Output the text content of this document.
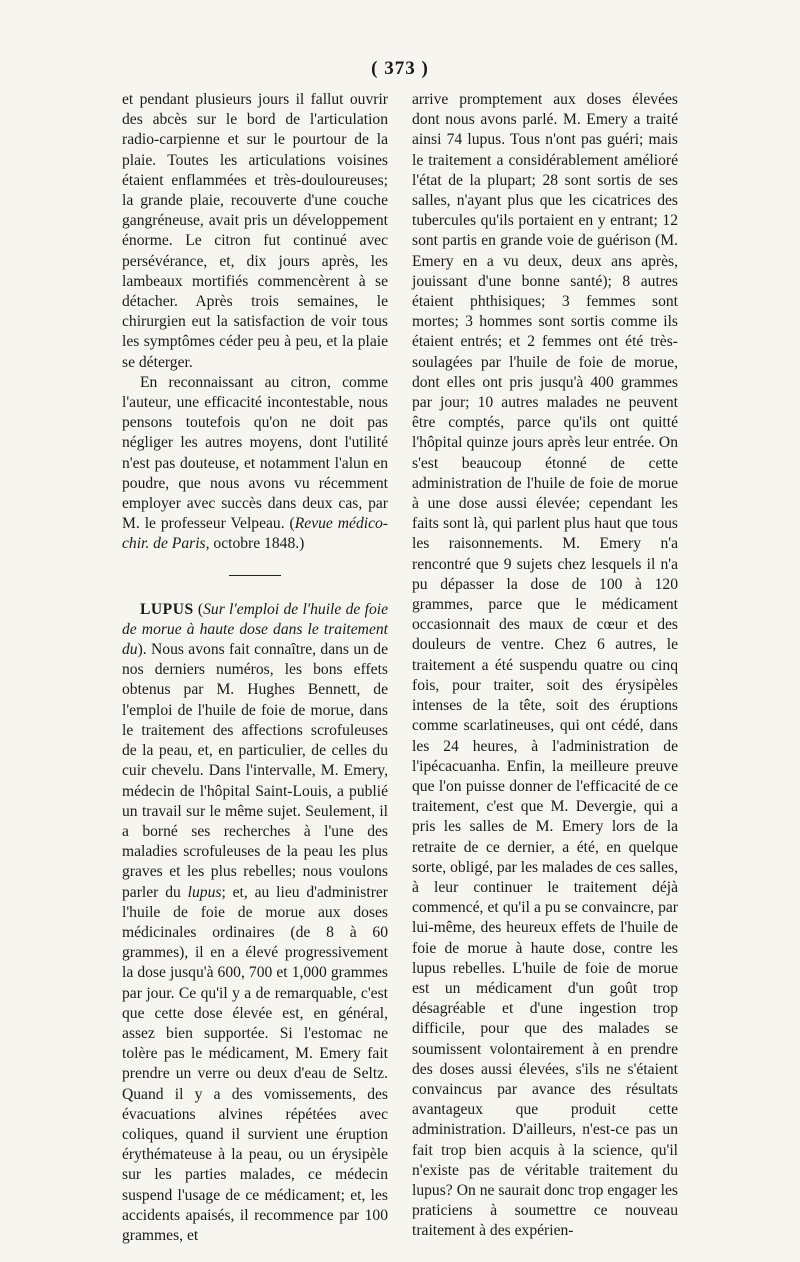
( 373 )

et pendant plusieurs jours il fallut ouvrir des abcès sur le bord de l'articulation radio-carpienne et sur le pourtour de la plaie. Toutes les articulations voisines étaient enflammées et très-douloureuses; la grande plaie, recouverte d'une couche gangréneuse, avait pris un développement énorme. Le citron fut continué avec persévérance, et, dix jours après, les lambeaux mortifiés commencèrent à se détacher. Après trois semaines, le chirurgien eut la satisfaction de voir tous les symptômes céder peu à peu, et la plaie se déterger.

En reconnaissant au citron, comme l'auteur, une efficacité incontestable, nous pensons toutefois qu'on ne doit pas négliger les autres moyens, dont l'utilité n'est pas douteuse, et notamment l'alun en poudre, que nous avons vu récemment employer avec succès dans deux cas, par M. le professeur Velpeau. (Revue médico-chir. de Paris, octobre 1848.)

LUPUS (Sur l'emploi de l'huile de foie de morue à haute dose dans le traitement du). Nous avons fait connaître, dans un de nos derniers numéros, les bons effets obtenus par M. Hughes Bennett, de l'emploi de l'huile de foie de morue, dans le traitement des affections scrofuleuses de la peau, et, en particulier, de celles du cuir chevelu. Dans l'intervalle, M. Emery, médecin de l'hôpital Saint-Louis, a publié un travail sur le même sujet. Seulement, il a borné ses recherches à l'une des maladies scrofuleuses de la peau les plus graves et les plus rebelles; nous voulons parler du lupus; et, au lieu d'administrer l'huile de foie de morue aux doses médicinales ordinaires (de 8 à 60 grammes), il en a élevé progressivement la dose jusqu'à 600, 700 et 1,000 grammes par jour. Ce qu'il y a de remarquable, c'est que cette dose élevée est, en général, assez bien supportée. Si l'estomac ne tolère pas le médicament, M. Emery fait prendre un verre ou deux d'eau de Seltz. Quand il y a des vomissements, des évacuations alvines répétées avec coliques, quand il survient une éruption érythémateuse à la peau, ou un érysipèle sur les parties malades, ce médecin suspend l'usage de ce médicament; et, les accidents apaisés, il recommence par 100 grammes, et

arrive promptement aux doses élevées dont nous avons parlé. M. Emery a traité ainsi 74 lupus. Tous n'ont pas guéri; mais le traitement a considérablement amélioré l'état de la plupart; 28 sont sortis de ses salles, n'ayant plus que les cicatrices des tubercules qu'ils portaient en y entrant; 12 sont partis en grande voie de guérison (M. Emery en a vu deux, deux ans après, jouissant d'une bonne santé); 8 autres étaient phthisiques; 3 femmes sont mortes; 3 hommes sont sortis comme ils étaient entrés; et 2 femmes ont été très-soulagées par l'huile de foie de morue, dont elles ont pris jusqu'à 400 grammes par jour; 10 autres malades ne peuvent être comptés, parce qu'ils ont quitté l'hôpital quinze jours après leur entrée. On s'est beaucoup étonné de cette administration de l'huile de foie de morue à une dose aussi élevée; cependant les faits sont là, qui parlent plus haut que tous les raisonnements. M. Emery n'a rencontré que 9 sujets chez lesquels il n'a pu dépasser la dose de 100 à 120 grammes, parce que le médicament occasionnait des maux de cœur et des douleurs de ventre. Chez 6 autres, le traitement a été suspendu quatre ou cinq fois, pour traiter, soit des érysipèles intenses de la tête, soit des éruptions comme scarlatineuses, qui ont cédé, dans les 24 heures, à l'administration de l'ipécacuanha. Enfin, la meilleure preuve que l'on puisse donner de l'efficacité de ce traitement, c'est que M. Devergie, qui a pris les salles de M. Emery lors de la retraite de ce dernier, a été, en quelque sorte, obligé, par les malades de ces salles, à leur continuer le traitement déjà commencé, et qu'il a pu se convaincre, par lui-même, des heureux effets de l'huile de foie de morue à haute dose, contre les lupus rebelles. L'huile de foie de morue est un médicament d'un goût trop désagréable et d'une ingestion trop difficile, pour que des malades se soumissent volontairement à en prendre des doses aussi élevées, s'ils ne s'étaient convaincus par avance des résultats avantageux que produit cette administration. D'ailleurs, n'est-ce pas un fait trop bien acquis à la science, qu'il n'existe pas de véritable traitement du lupus? On ne saurait donc trop engager les praticiens à soumettre ce nouveau traitement à des expérien-
